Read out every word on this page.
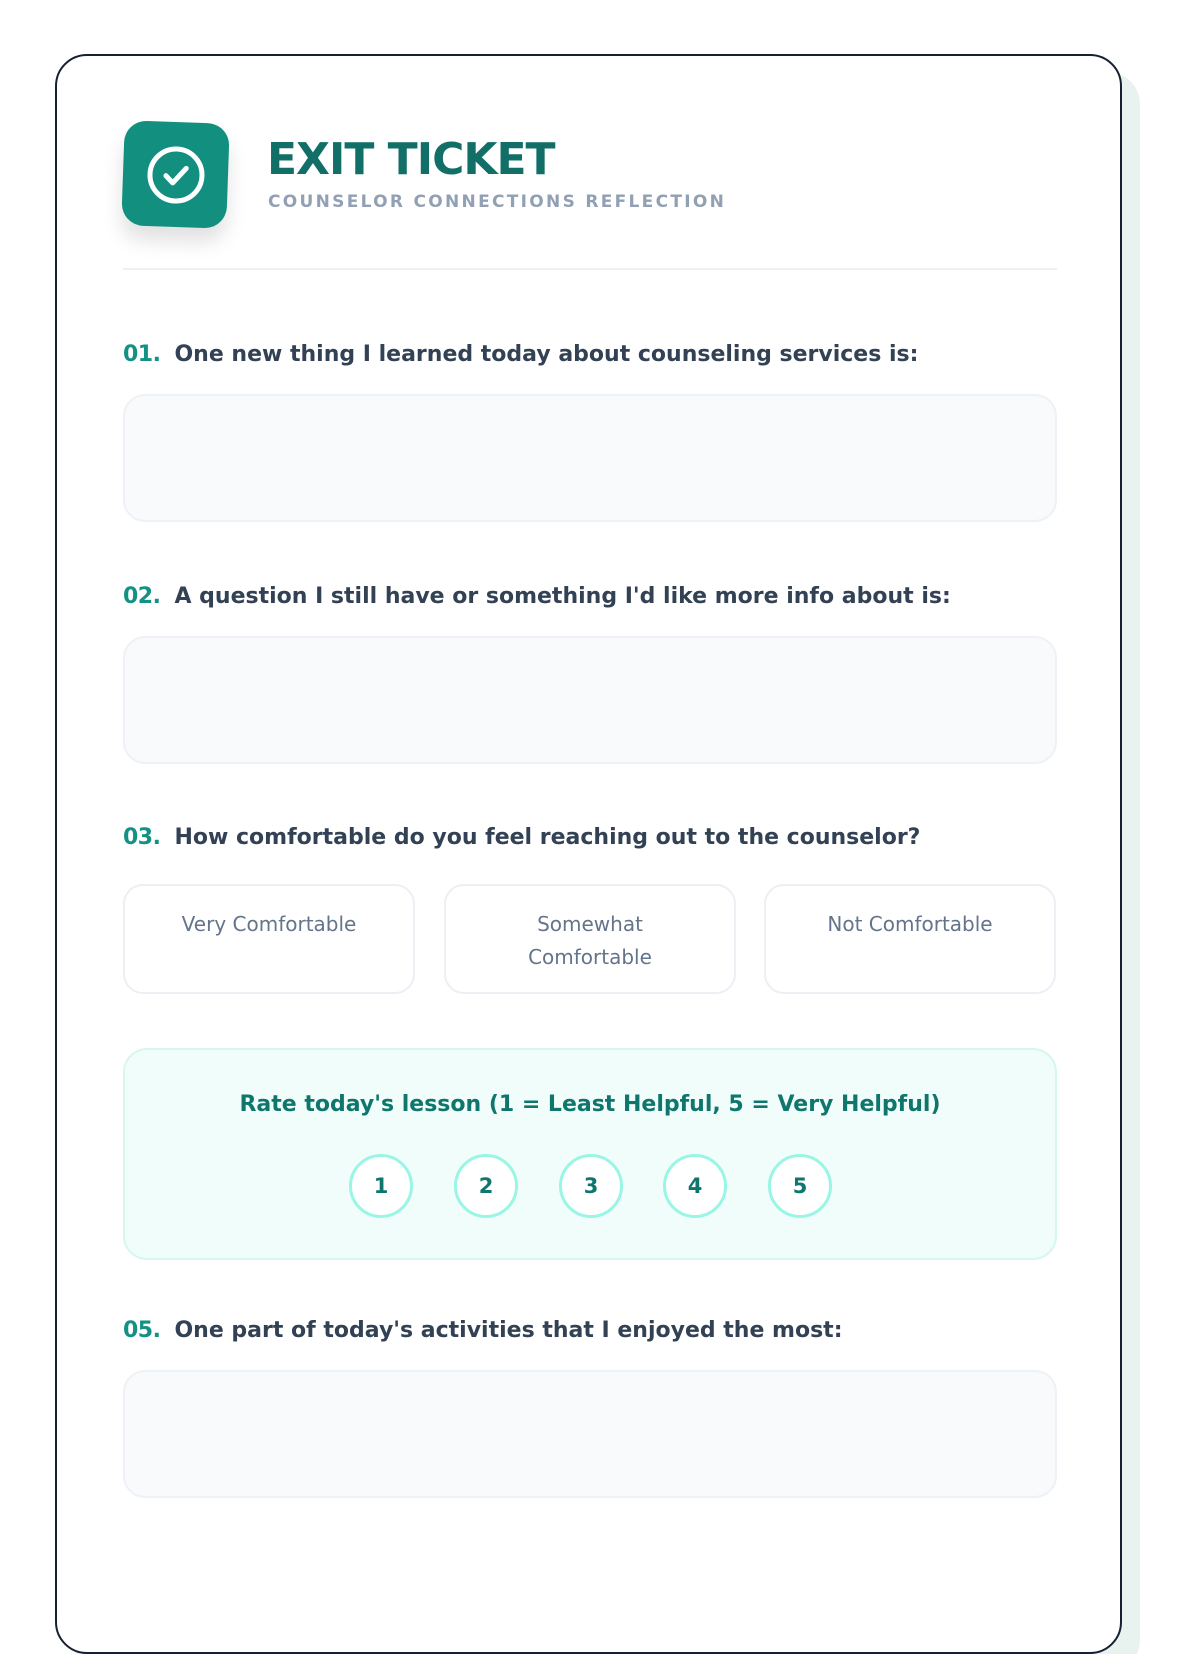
EXIT TICKET
COUNSELOR CONNECTIONS REFLECTION
01. One new thing I learned today about counseling services is:
02. A question I still have or something I'd like more info about is:
03. How comfortable do you feel reaching out to the counselor?
Very Comfortable	Somewhat Comfortable
Not Comfortable
Rate today's lesson (1 = Least Helpful, 5 = Very Helpful)
1	2	3	4	5
05. One part of today's activities that I enjoyed the most:
